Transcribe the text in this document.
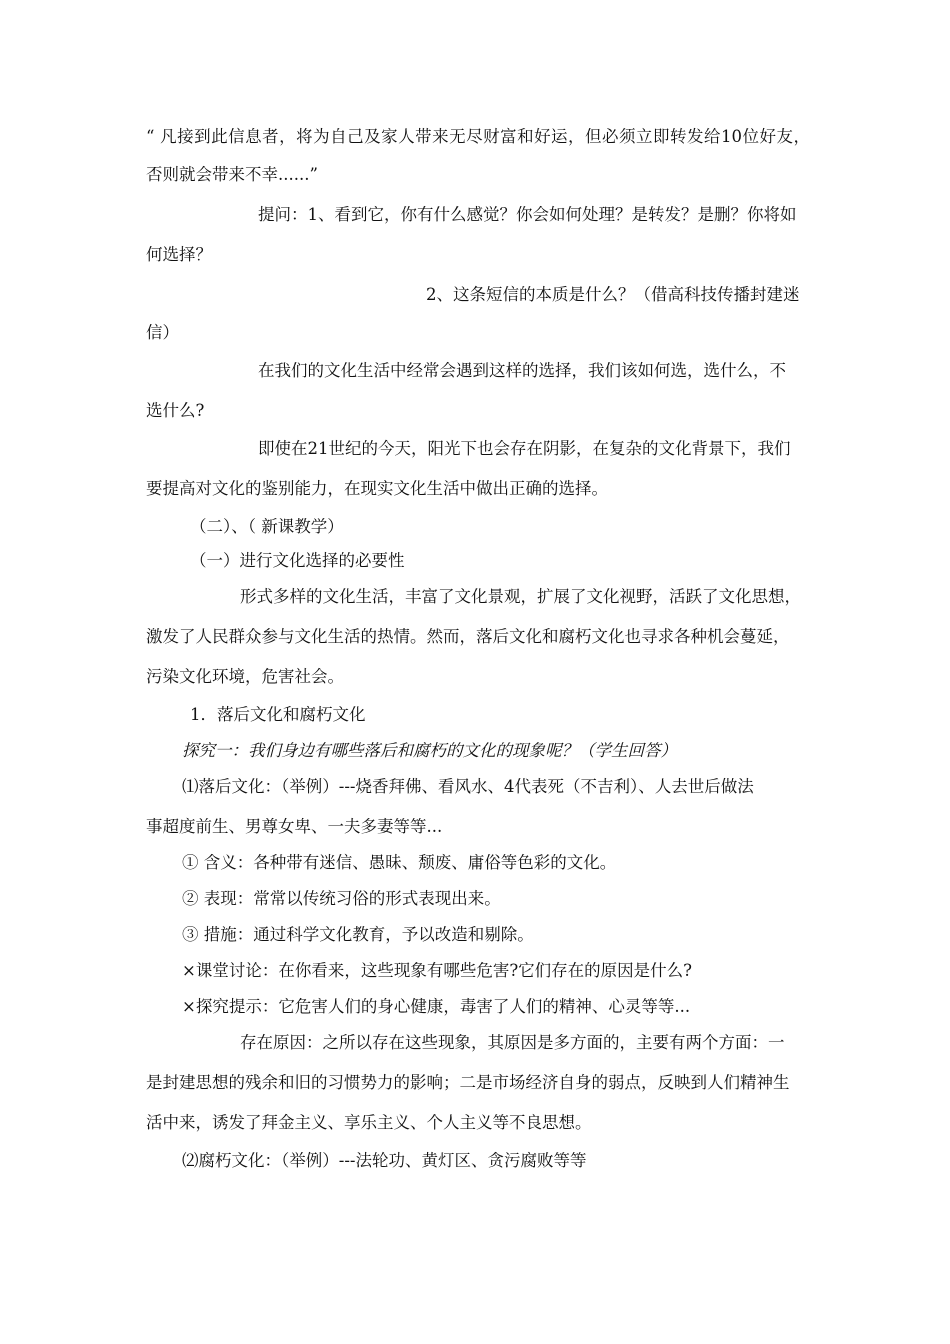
“ 凡接到此信息者，将为自己及家人带来无尽财富和好运，但必须立即转发给10位好友，
否则就会带来不幸......”
提问：1、看到它，你有什么感觉？你会如何处理？是转发？是删？你将如
何选择？
2、这条短信的本质是什么？（借高科技传播封建迷
信）
在我们的文化生活中经常会遇到这样的选择，我们该如何选，选什么，不
选什么?
即使在21世纪的今天，阳光下也会存在阴影，在复杂的文化背景下，我们
要提高对文化的鉴别能力，在现实文化生活中做出正确的选择。
（二）、（ 新课教学）
（一）进行文化选择的必要性
形式多样的文化生活，丰富了文化景观，扩展了文化视野，活跃了文化思想，
激发了人民群众参与文化生活的热情。然而，落后文化和腐朽文化也寻求各种机会蔓延，
污染文化环境，危害社会。
1．落后文化和腐朽文化
探究一：我们身边有哪些落后和腐朽的文化的现象呢？（学生回答）
⑴落后文化：（举例）---烧香拜佛、看风水、4代表死（不吉利）、人去世后做法
事超度前生、男尊女卑、一夫多妻等等...
① 含义：各种带有迷信、愚昧、颓废、庸俗等色彩的文化。
② 表现：常常以传统习俗的形式表现出来。
③ 措施：通过科学文化教育，予以改造和剔除。
×课堂讨论：在你看来，这些现象有哪些危害?它们存在的原因是什么?
×探究提示：它危害人们的身心健康，毒害了人们的精神、心灵等等...
存在原因：之所以存在这些现象，其原因是多方面的，主要有两个方面：一
是封建思想的残余和旧的习惯势力的影响；二是市场经济自身的弱点，反映到人们精神生
活中来，诱发了拜金主义、享乐主义、个人主义等不良思想。
⑵腐朽文化：（举例）---法轮功、黄灯区、贪污腐败等等
